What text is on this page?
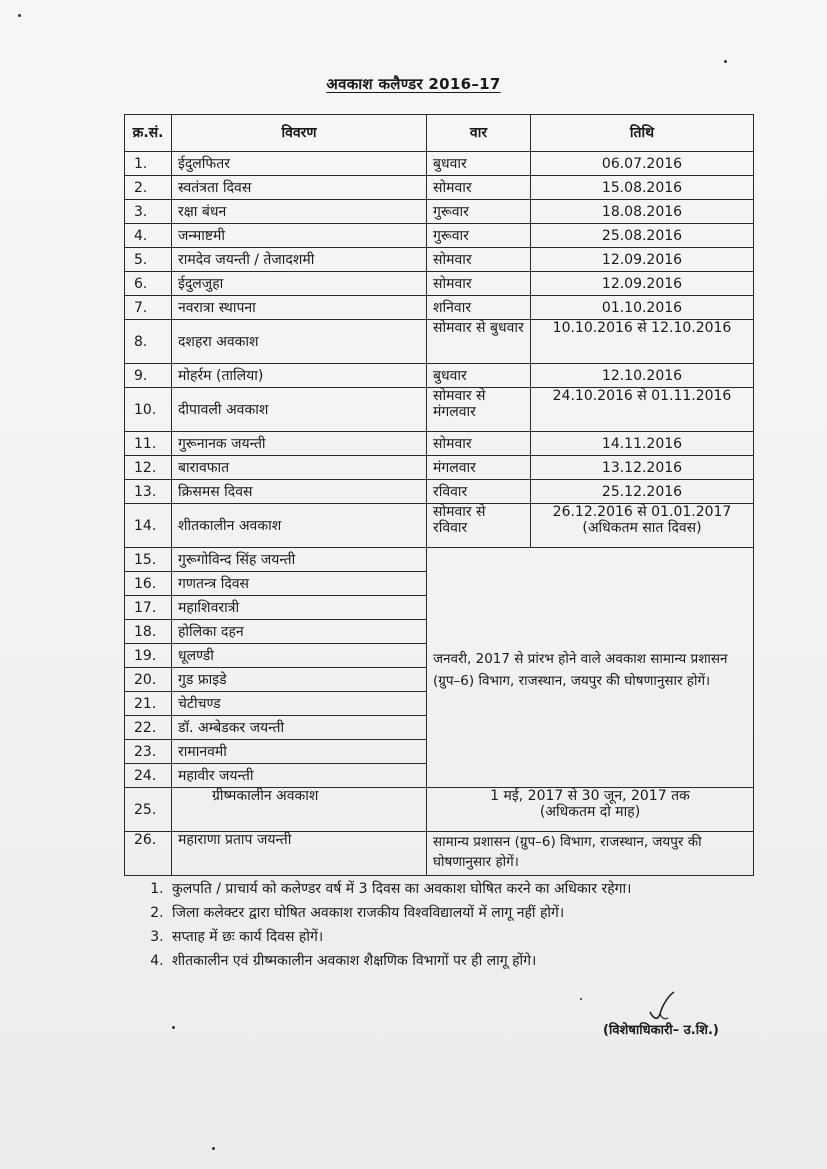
अवकाश कलैण्डर 2016–17
क्र.सं.	विवरण	वार	तिथि
1.	ईदुलफितर	बुधवार	06.07.2016

2.	स्वतंत्रता दिवस	सोमवार	15.08.2016

3.	रक्षा बंधन	गुरूवार	18.08.2016

4.	जन्माष्टमी	गुरूवार	25.08.2016

5.	रामदेव जयन्ती / तेजादशमी	सोमवार	12.09.2016

6.	ईदुलजुहा	सोमवार	12.09.2016

7.	नवरात्रा स्थापना	शनिवार	01.10.2016

8.	दशहरा अवकाश	सोमवार से बुधवार	10.10.2016 से 12.10.2016

9.	मोहर्रम (तालिया)	बुधवार	12.10.2016

10.	दीपावली अवकाश	सोमवार से मंगलवार	24.10.2016 से 01.11.2016

11.	गुरूनानक जयन्ती	सोमवार	14.11.2016

12.	बारावफात	मंगलवार	13.12.2016

13.	क्रिसमस दिवस	रविवार	25.12.2016

14.	शीतकालीन अवकाश	सोमवार से रविवार	26.12.2016 से 01.01.2017
(अधिकतम सात दिवस)

15.	गुरूगोविन्द सिंह जयन्ती	जनवरी, 2017 से प्रांरभ होने वाले अवकाश सामान्य प्रशासन (ग्रुप–6) विभाग, राजस्थान, जयपुर की घोषणानुसार होगें।	
16.	गणतन्त्र दिवस		
17.	महाशिवरात्री		
18.	होलिका दहन		
19.	धूलण्डी		
20.	गुड फ्राइडे		
21.	चेटीचण्ड		
22.	डॉ. अम्बेडकर जयन्ती		
23.	रामानवमी		
24.	महावीर जयन्ती		
25.	ग्रीष्मकालीन अवकाश	1 मई, 2017 से 30 जून, 2017 तक
(अधिकतम दो माह)	

26.	महाराणा प्रताप जयन्ती	सामान्य प्रशासन (ग्रुप–6) विभाग, राजस्थान, जयपुर की घोषणानुसार होगें।	
1. कुलपति / प्राचार्य को कलेण्डर वर्ष में 3 दिवस का अवकाश घोषित करने का अधिकार रहेगा।
2. जिला कलेक्टर द्वारा घोषित अवकाश राजकीय विश्वविद्यालयों में लागू नहीं होगें।
3. सप्ताह में छः कार्य दिवस होगें।
4. शीतकालीन एवं ग्रीष्मकालीन अवकाश शैक्षणिक विभागों पर ही लागू होंगे।
(विशेषाधिकारी– उ.शि.)
